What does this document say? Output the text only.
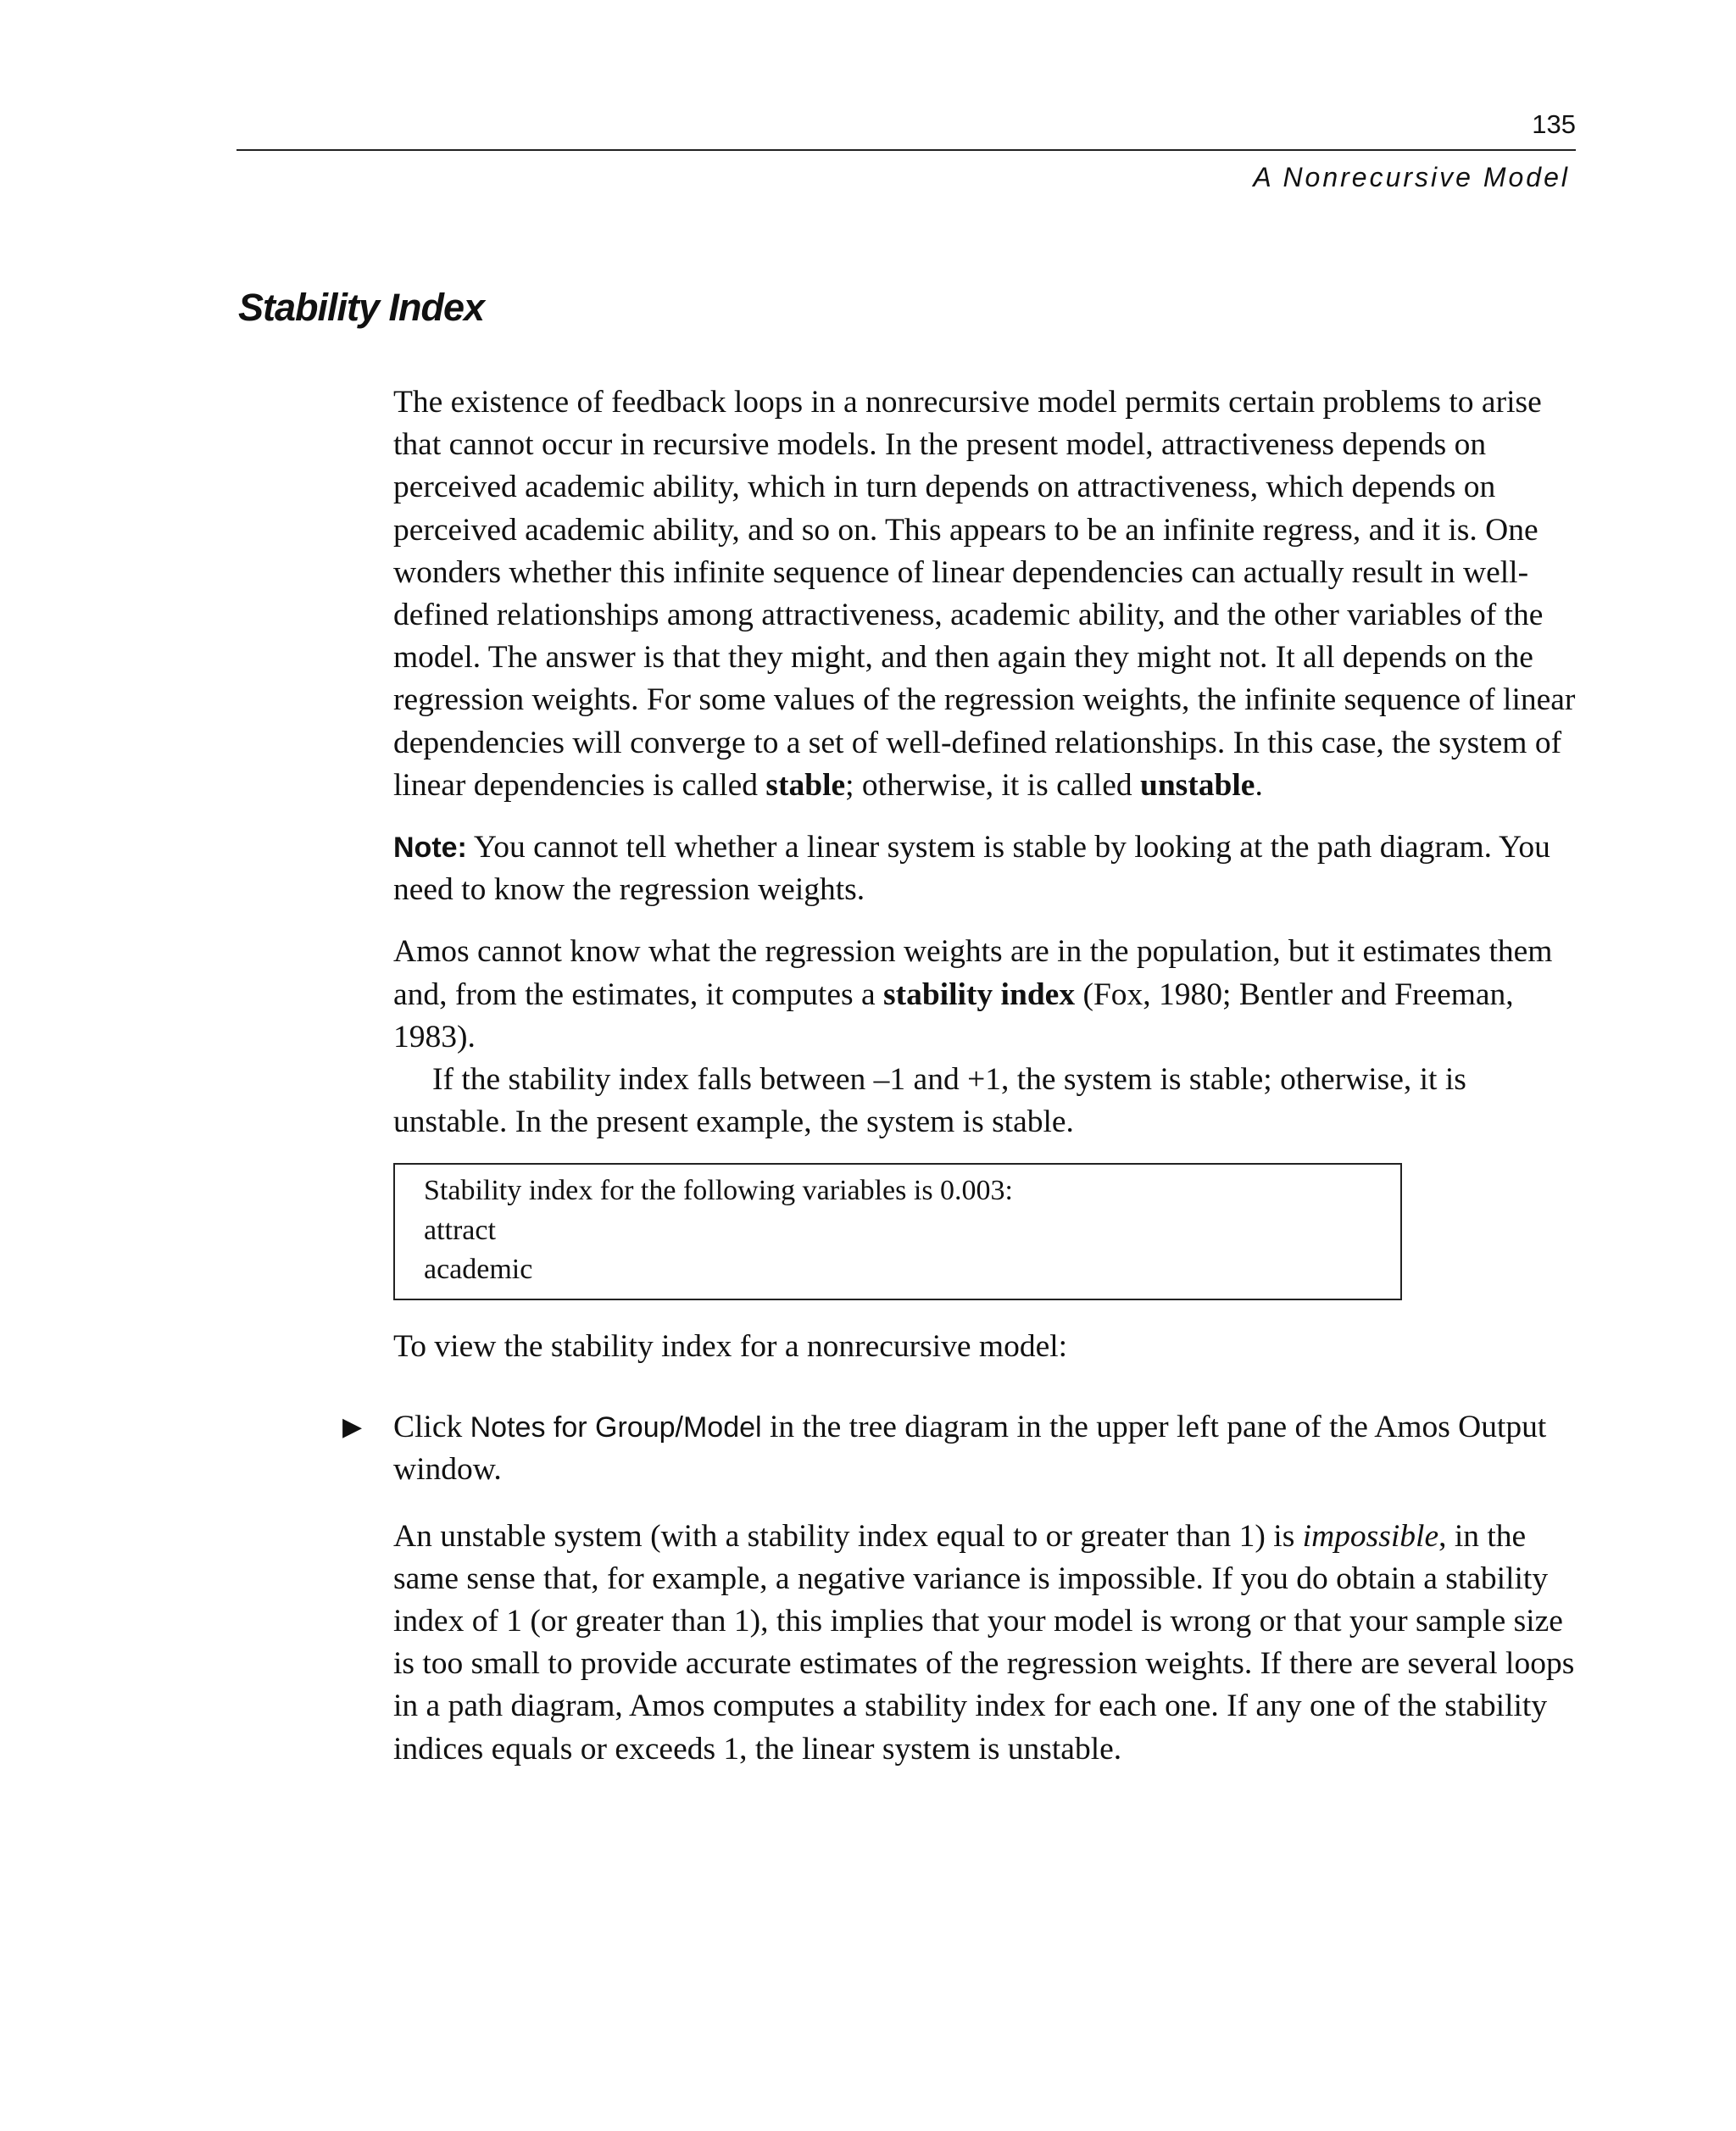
135
A Nonrecursive Model
Stability Index

The existence of feedback loops in a nonrecursive model permits certain problems to arise that cannot occur in recursive models. In the present model, attractiveness depends on perceived academic ability, which in turn depends on attractiveness, which depends on perceived academic ability, and so on. This appears to be an infinite regress, and it is. One wonders whether this infinite sequence of linear dependencies can actually result in well-defined relationships among attractiveness, academic ability, and the other variables of the model. The answer is that they might, and then again they might not. It all depends on the regression weights. For some values of the regression weights, the infinite sequence of linear dependencies will converge to a set of well-defined relationships. In this case, the system of linear dependencies is called stable; otherwise, it is called unstable.

Note: You cannot tell whether a linear system is stable by looking at the path diagram. You need to know the regression weights.

Amos cannot know what the regression weights are in the population, but it estimates them and, from the estimates, it computes a stability index (Fox, 1980; Bentler and Freeman, 1983).

If the stability index falls between –1 and +1, the system is stable; otherwise, it is unstable. In the present example, the system is stable.

Stability index for the following variables is 0.003:
attract
academic

To view the stability index for a nonrecursive model:

▶ Click Notes for Group/Model in the tree diagram in the upper left pane of the Amos Output window.

An unstable system (with a stability index equal to or greater than 1) is impossible, in the same sense that, for example, a negative variance is impossible. If you do obtain a stability index of 1 (or greater than 1), this implies that your model is wrong or that your sample size is too small to provide accurate estimates of the regression weights. If there are several loops in a path diagram, Amos computes a stability index for each one. If any one of the stability indices equals or exceeds 1, the linear system is unstable.
